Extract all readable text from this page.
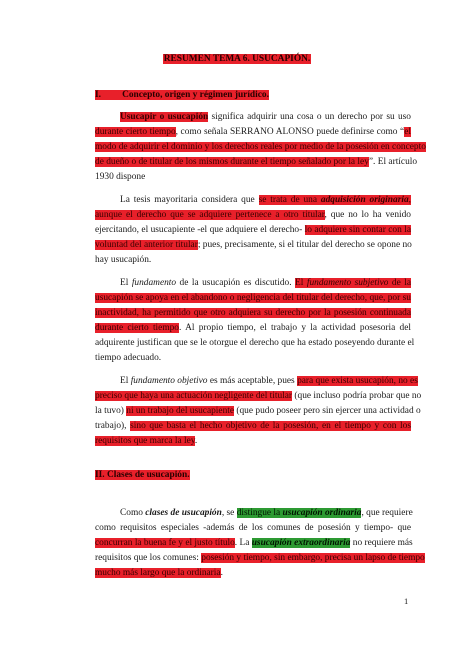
RESUMEN TEMA 6. USUCAPIÓN.
I.         Concepto, origen y régimen jurídico.
Usucapir o usucapión significa adquirir una cosa o un derecho por su uso
durante cierto tiempo, como señala SERRANO ALONSO puede definirse como “el
modo de adquirir el dominio y los derechos reales por medio de la posesión en concepto
de dueño o de titular de los mismos durante el tiempo señalado por la ley”. El artículo
1930 dispone
La tesis mayoritaria considera que se trata de una adquisición originaria,
aunque el derecho que se adquiere pertenece a otro titular, que no lo ha venido
ejercitando, el usucapiente -el que adquiere el derecho- lo adquiere sin contar con la
voluntad del anterior titular; pues, precisamente, si el titular del derecho se opone no
hay usucapión.
El fundamento de la usucapión es discutido. El fundamento subjetivo de la
usucapión se apoya en el abandono o negligencia del titular del derecho, que, por su
inactividad, ha permitido que otro adquiera su derecho por la posesión continuada
durante cierto tiempo. Al propio tiempo, el trabajo y la actividad posesoria del
adquirente justifican que se le otorgue el derecho que ha estado poseyendo durante el
tiempo adecuado.
El fundamento objetivo es más aceptable, pues para que exista usucapión, no es
preciso que haya una actuación negligente del titular (que incluso podría probar que no
la tuvo) ni un trabajo del usucapiente (que pudo poseer pero sin ejercer una actividad o
trabajo), sino que basta el hecho objetivo de la posesión, en el tiempo y con los
requisitos que marca la ley.
II. Clases de usucapión.
Como clases de usucapión, se distingue la usucapión ordinaria, que requiere
como requisitos especiales -además de los comunes de posesión y tiempo- que
concurran la buena fe y el justo título. La usucapión extraordinaria no requiere más
requisitos que los comunes: posesión y tiempo, sin embargo, precisa un lapso de tiempo
mucho más largo que la ordinaria.
1
